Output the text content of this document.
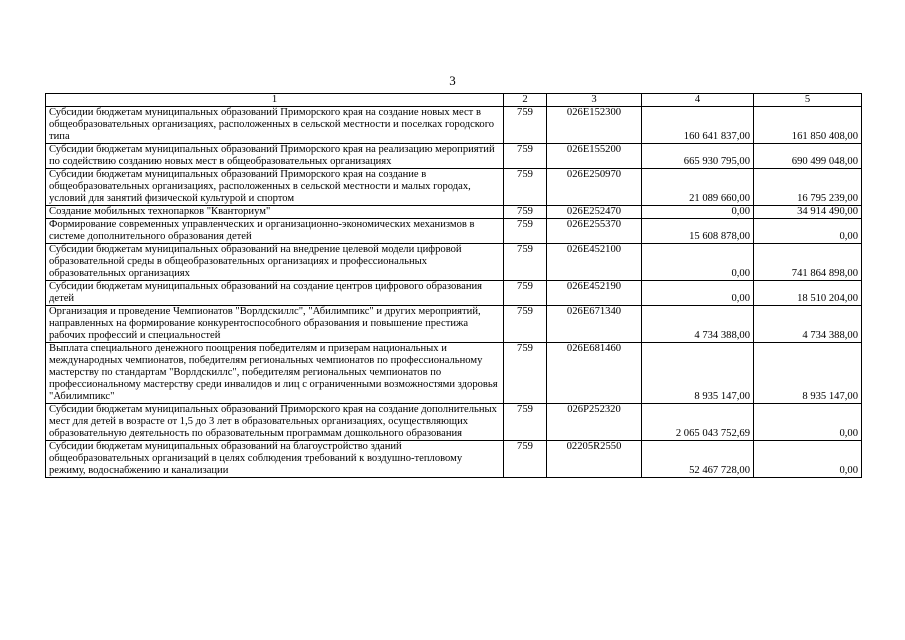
3
1	2	3	4	5
Субсидии бюджетам муниципальных образований Приморского края на создание новых мест в общеобразовательных организациях, расположенных в сельской местности и поселках городского типа	759	026E152300	160 641 837,00	161 850 408,00
Субсидии бюджетам муниципальных образований Приморского края на реализацию мероприятий по содействию созданию новых мест в общеобразовательных организациях	759	026E155200	665 930 795,00	690 499 048,00
Субсидии бюджетам муниципальных образований Приморского края на создание в общеобразовательных организациях, расположенных в сельской местности и малых городах, условий для занятий физической культурой и спортом	759	026E250970	21 089 660,00	16 795 239,00
Создание мобильных технопарков "Кванториум"	759	026E252470	0,00	34 914 490,00
Формирование современных управленческих и организационно-экономических механизмов в системе дополнительного образования детей	759	026E255370	15 608 878,00	0,00
Субсидии бюджетам муниципальных образований на внедрение целевой модели цифровой образовательной среды в общеобразовательных организациях и профессиональных образовательных организациях	759	026E452100	0,00	741 864 898,00
Субсидии бюджетам муниципальных образований на создание центров цифрового образования детей	759	026E452190	0,00	18 510 204,00
Организация и проведение Чемпионатов "Ворлдскиллс", "Абилимпикс" и других мероприятий, направленных на формирование конкурентоспособного образования и повышение престижа рабочих профессий и специальностей	759	026E671340	4 734 388,00	4 734 388,00
Выплата специального денежного поощрения победителям и призерам национальных и международных чемпионатов, победителям региональных чемпионатов по профессиональному мастерству по стандартам "Ворлдскиллс", победителям региональных чемпионатов по профессиональному мастерству среди инвалидов и лиц с ограниченными возможностями здоровья "Абилимпикс"	759	026E681460	8 935 147,00	8 935 147,00
Субсидии бюджетам муниципальных образований Приморского края на создание дополнительных мест для детей в возрасте от 1,5 до 3 лет в образовательных организациях, осуществляющих образовательную деятельность по образовательным программам дошкольного образования	759	026P252320	2 065 043 752,69	0,00
Субсидии бюджетам муниципальных образований на благоустройство зданий общеобразовательных организаций в целях соблюдения требований к воздушно-тепловому режиму, водоснабжению и канализации	759	02205R2550	52 467 728,00	0,00
